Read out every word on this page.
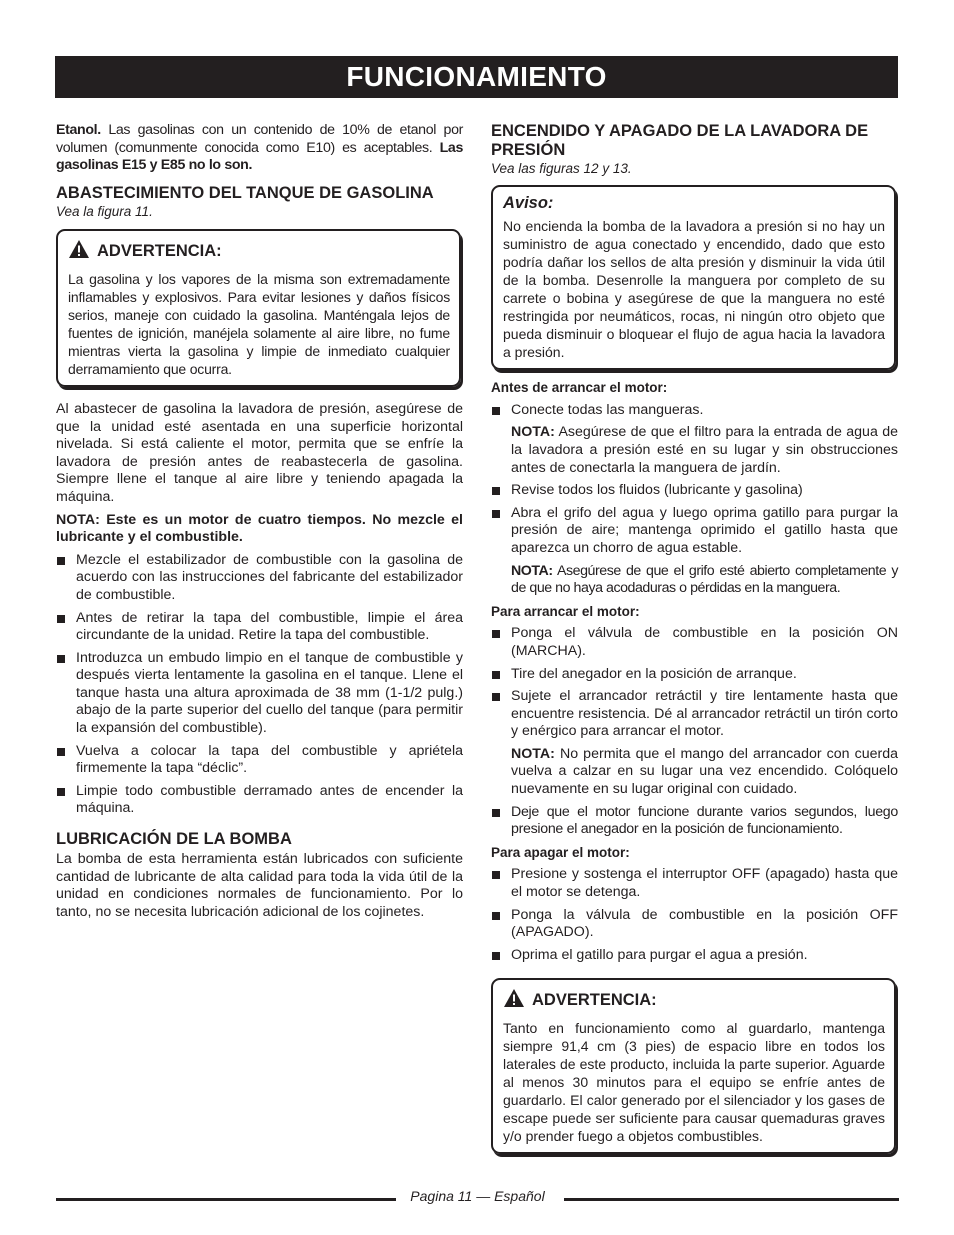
FUNCIONAMIENTO

Etanol. Las gasolinas con un contenido de 10% de etanol por volumen (comunmente conocida como E10) es aceptables. Las gasolinas E15 y E85 no lo son.

ABASTECIMIENTO DEL TANQUE DE GASOLINA
Vea la figura 11.
ADVERTENCIA:

La gasolina y los vapores de la misma son extremadamente inflamables y explosivos. Para evitar lesiones y daños físicos serios, maneje con cuidado la gasolina. Manténgala lejos de fuentes de ignición, manéjela solamente al aire libre, no fume mientras vierta la gasolina y limpie de inmediato cualquier derramamiento que ocurra.

Al abastecer de gasolina la lavadora de presión, asegúrese de que la unidad esté asentada en una superficie horizontal nivelada. Si está caliente el motor, permita que se enfríe la lavadora de presión antes de reabastecerla de gasolina. Siempre llene el tanque al aire libre y teniendo apagada la máquina.

NOTA: Este es un motor de cuatro tiempos. No mezcle el lubricante y el combustible.

Mezcle el estabilizador de combustible con la gasolina de acuerdo con las instrucciones del fabricante del estabilizador de combustible.
Antes de retirar la tapa del combustible, limpie el área circundante de la unidad. Retire la tapa del combustible.
Introduzca un embudo limpio en el tanque de combustible y después vierta lentamente la gasolina en el tanque. Llene el tanque hasta una altura aproximada de 38 mm (1-1/2 pulg.) abajo de la parte superior del cuello del tanque (para permitir la expansión del combustible).
Vuelva a colocar la tapa del combustible y apriételа firmemente la tapa “déclic”.
Limpie todo combustible derramado antes de encender la máquina.
LUBRICACIÓN DE LA BOMBA

La bomba de esta herramienta están lubricados con suficiente cantidad de lubricante de alta calidad para toda la vida útil de la unidad en condiciones normales de funcionamiento. Por lo tanto, no se necesita lubricación adicional de los cojinetes.

ENCENDIDO Y APAGADO DE LA LAVADORA DE PRESIÓN
Vea las figuras 12 y 13.
Aviso:

No encienda la bomba de la lavadora a presión si no hay un suministro de agua conectado y encendido, dado que esto podría dañar los sellos de alta presión y disminuir la vida útil de la bomba. Desenrolle la manguera por completo de su carrete o bobina y asegúrese de que la manguera no esté restringida por neumáticos, rocas, ni ningún otro objeto que pueda disminuir o bloquear el flujo de agua hacia la lavadora a presión.

Antes de arrancar el motor:
Conecte todas las mangueras.

NOTA: Asegúrese de que el filtro para la entrada de agua de la lavadora a presión esté en su lugar y sin obstrucciones antes de conectarla la manguera de jardín.

Revise todos los fluidos (lubricante y gasolina)
Abra el grifo del agua y luego oprima gatillo para purgar la presión de aire; mantenga oprimido el gatillo hasta que aparezca un chorro de agua estable.

NOTA: Asegúrese de que el grifo esté abierto completamente y de que no haya acodaduras o pérdidas en la manguera.

Para arrancar el motor:
Ponga el válvula de combustible en la posición ON (MARCHA).
Tire del anegador en la posición de arranque.
Sujete el arrancador retráctil y tire lentamente hasta que encuentre resistencia. Dé al arrancador retráctil un tirón corto y enérgico para arrancar el motor.

NOTA: No permita que el mango del arrancador con cuerda vuelva a calzar en su lugar una vez encendido. Colóquelo nuevamente en su lugar original con cuidado.

Deje que el motor funcione durante varios segundos, luego presione el anegador en la posición de funcionamiento.
Para apagar el motor:
Presione y sostenga el interruptor OFF (apagado) hasta que el motor se detenga.
Ponga la válvula de combustible en la posición OFF (APAGADO).
Oprima el gatillo para purgar el agua a presión.
ADVERTENCIA:

Tanto en funcionamiento como al guardarlo, mantenga siempre 91,4 cm (3 pies) de espacio libre en todos los laterales de este producto, incluida la parte superior. Aguarde al menos 30 minutos para el equipo se enfríe antes de guardarlo. El calor generado por el silenciador y los gases de escape puede ser suficiente para causar quemaduras graves y/o prender fuego a objetos combustibles.

Pagina 11 — Español
